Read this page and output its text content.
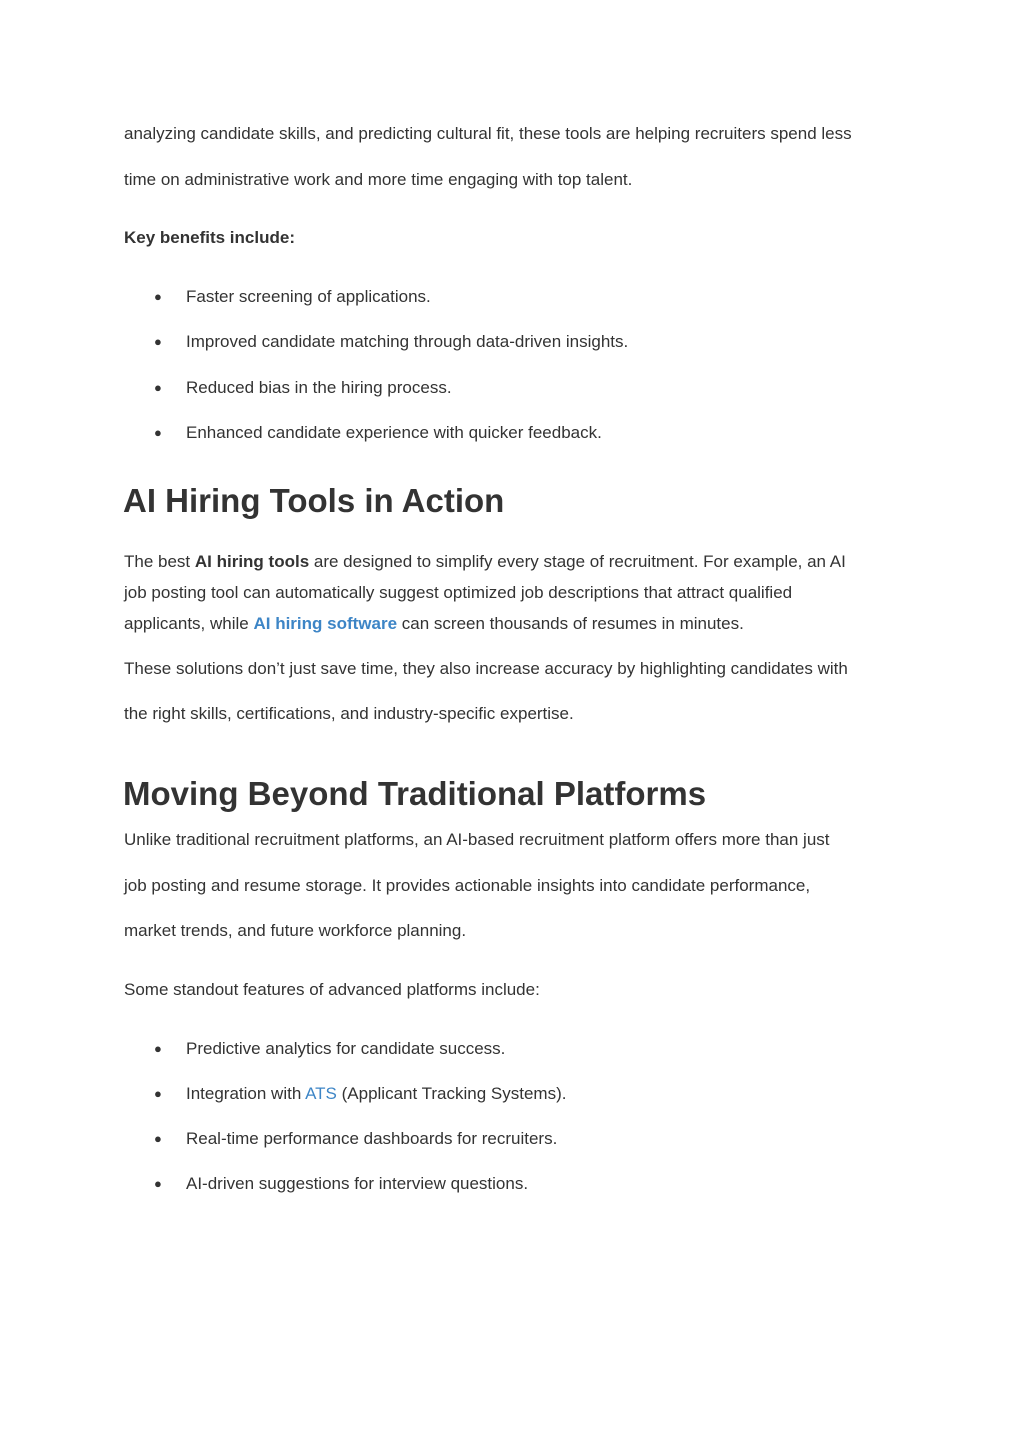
analyzing candidate skills, and predicting cultural fit, these tools are helping recruiters spend less
time on administrative work and more time engaging with top talent.
Key benefits include:
● Faster screening of applications.
● Improved candidate matching through data-driven insights.
● Reduced bias in the hiring process.
● Enhanced candidate experience with quicker feedback.
AI Hiring Tools in Action
The best AI hiring tools are designed to simplify every stage of recruitment. For example, an AI
job posting tool can automatically suggest optimized job descriptions that attract qualified
applicants, while AI hiring software can screen thousands of resumes in minutes.
These solutions don’t just save time, they also increase accuracy by highlighting candidates with
the right skills, certifications, and industry-specific expertise.
Moving Beyond Traditional Platforms
Unlike traditional recruitment platforms, an AI-based recruitment platform offers more than just
job posting and resume storage. It provides actionable insights into candidate performance,
market trends, and future workforce planning.
Some standout features of advanced platforms include:
● Predictive analytics for candidate success.
● Integration with ATS (Applicant Tracking Systems).
● Real-time performance dashboards for recruiters.
● AI-driven suggestions for interview questions.
